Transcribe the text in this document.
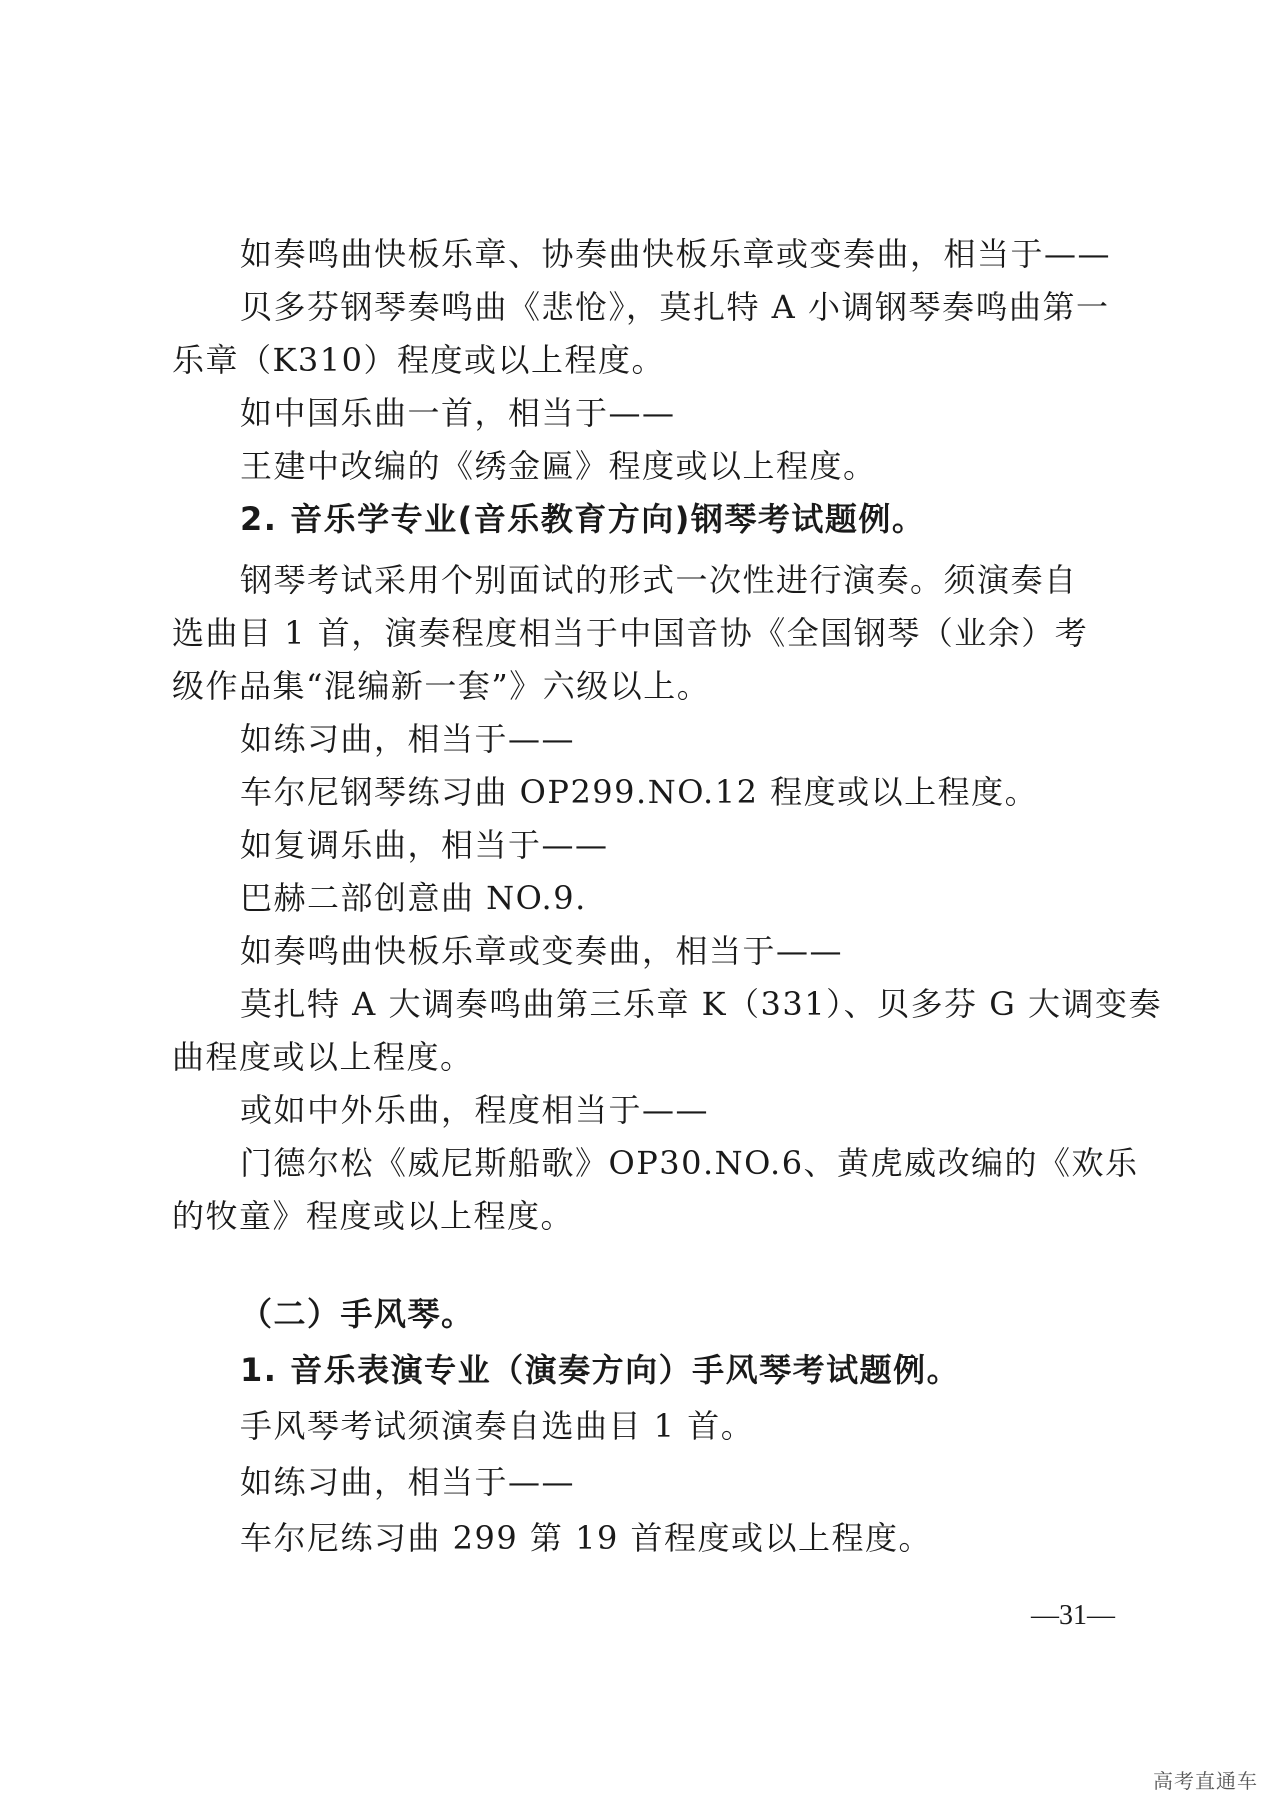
如奏鸣曲快板乐章、协奏曲快板乐章或变奏曲，相当于——
贝多芬钢琴奏鸣曲《悲怆》，莫扎特 A 小调钢琴奏鸣曲第一
乐章（K310）程度或以上程度。
如中国乐曲一首，相当于——
王建中改编的《绣金匾》程度或以上程度。
2. 音乐学专业(音乐教育方向)钢琴考试题例。
钢琴考试采用个别面试的形式一次性进行演奏。须演奏自
选曲目 1 首，演奏程度相当于中国音协《全国钢琴（业余）考
级作品集“混编新一套”》六级以上。
如练习曲，相当于——
车尔尼钢琴练习曲 OP299.NO.12 程度或以上程度。
如复调乐曲，相当于——
巴赫二部创意曲 NO.9.
如奏鸣曲快板乐章或变奏曲，相当于——
莫扎特 A 大调奏鸣曲第三乐章 K（331）、贝多芬 G 大调变奏
曲程度或以上程度。
或如中外乐曲，程度相当于——
门德尔松《威尼斯船歌》OP30.NO.6、黄虎威改编的《欢乐
的牧童》程度或以上程度。
（二）手风琴。
1. 音乐表演专业（演奏方向）手风琴考试题例。
手风琴考试须演奏自选曲目 1 首。
如练习曲，相当于——
车尔尼练习曲 299 第 19 首程度或以上程度。
—31—
高考直通车
